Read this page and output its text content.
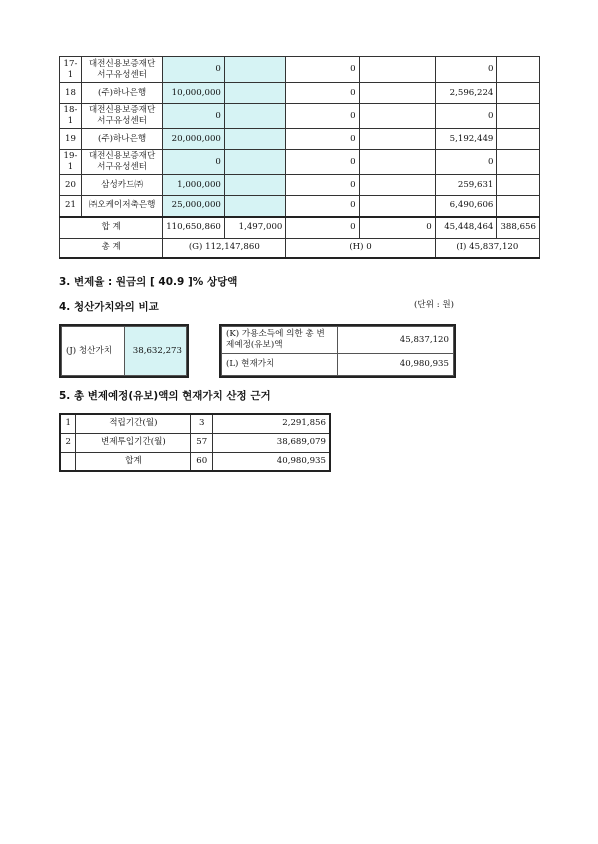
17-1	대전신용보증재단 서구유성센터	0		0		0	
18	(주)하나은행	10,000,000		0		2,596,224	
18-1	대전신용보증재단 서구유성센터	0		0		0	
19	(주)하나은행	20,000,000		0		5,192,449	
19-1	대전신용보증재단 서구유성센터	0		0		0	
20	삼성카드㈜	1,000,000		0		259,631	
21	㈜오케이저축은행	25,000,000		0		6,490,606	
합 계		110,650,860	1,497,000	0	0	45,448,464	388,656
총 계		(G) 112,147,860		(H) 0		(I) 45,837,120	

3. 변제율 : 원금의 [ 40.9 ]% 상당액

4. 청산가치와의 비교	(단위 : 원)
(J) 청산가치	38,632,273
(K) 가용소득에 의한 총 변제예정(유보)액	45,837,120
(L) 현재가치	40,980,935

5. 총 변제예정(유보)액의 현재가치 산정 근거

1	적립기간(월)	3	2,291,856
2	변제투입기간(월)	57	38,689,079
	합계	60	40,980,935
